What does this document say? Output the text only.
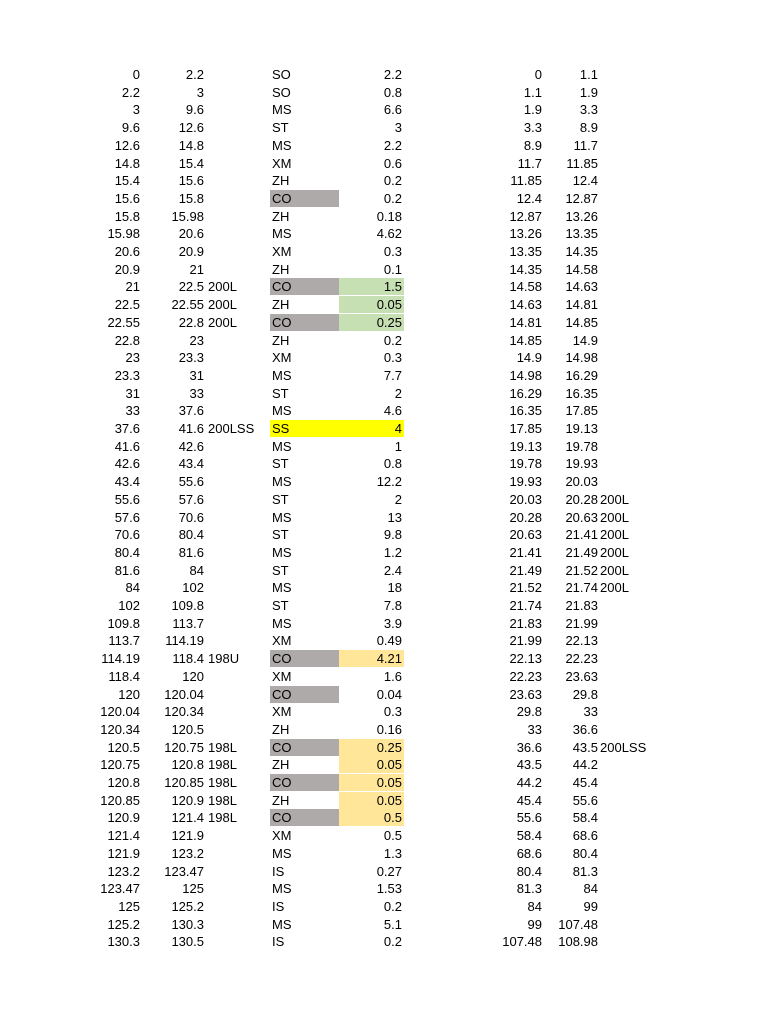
0	2.2	SO	2.2	0	1.1
2.2	3	SO	0.8	1.1	1.9
3	9.6	MS	6.6	1.9	3.3
9.6	12.6	ST	3	3.3	8.9
12.6	14.8	MS	2.2	8.9	11.7
14.8	15.4	XM	0.6	11.7	11.85
15.4	15.6	ZH	0.2	11.85	12.4
15.6	15.8	CO	0.2	12.4	12.87
15.8	15.98	ZH	0.18	12.87	13.26
15.98	20.6	MS	4.62	13.26	13.35
20.6	20.9	XM	0.3	13.35	14.35
20.9	21	ZH	0.1	14.35	14.58
21	22.5 200L	CO	1.5	14.58	14.63
22.5	22.55 200L	ZH	0.05	14.63	14.81
22.55	22.8 200L	CO	0.25	14.81	14.85
22.8	23	ZH	0.2	14.85	14.9
23	23.3	XM	0.3	14.9	14.98
23.3	31	MS	7.7	14.98	16.29
31	33	ST	2	16.29	16.35
33	37.6	MS	4.6	16.35	17.85
37.6	41.6 200LSS	SS	4	17.85	19.13
41.6	42.6	MS	1	19.13	19.78
42.6	43.4	ST	0.8	19.78	19.93
43.4	55.6	MS	12.2	19.93	20.03
55.6	57.6	ST	2	20.03	20.28 200L
57.6	70.6	MS	13	20.28	20.63 200L
70.6	80.4	ST	9.8	20.63	21.41 200L
80.4	81.6	MS	1.2	21.41	21.49 200L
81.6	84	ST	2.4	21.49	21.52 200L
84	102	MS	18	21.52	21.74 200L
102	109.8	ST	7.8	21.74	21.83
109.8	113.7	MS	3.9	21.83	21.99
113.7	114.19	XM	0.49	21.99	22.13
114.19	118.4 198U	CO	4.21	22.13	22.23
118.4	120	XM	1.6	22.23	23.63
120	120.04	CO	0.04	23.63	29.8
120.04	120.34	XM	0.3	29.8	33
120.34	120.5	ZH	0.16	33	36.6
120.5	120.75 198L	CO	0.25	36.6	43.5 200LSS
120.75	120.8 198L	ZH	0.05	43.5	44.2
120.8	120.85 198L	CO	0.05	44.2	45.4
120.85	120.9 198L	ZH	0.05	45.4	55.6
120.9	121.4 198L	CO	0.5	55.6	58.4
121.4	121.9	XM	0.5	58.4	68.6
121.9	123.2	MS	1.3	68.6	80.4
123.2	123.47	IS	0.27	80.4	81.3
123.47	125	MS	1.53	81.3	84
125	125.2	IS	0.2	84	99
125.2	130.3	MS	5.1	99	107.48
130.3	130.5	IS	0.2	107.48	108.98
